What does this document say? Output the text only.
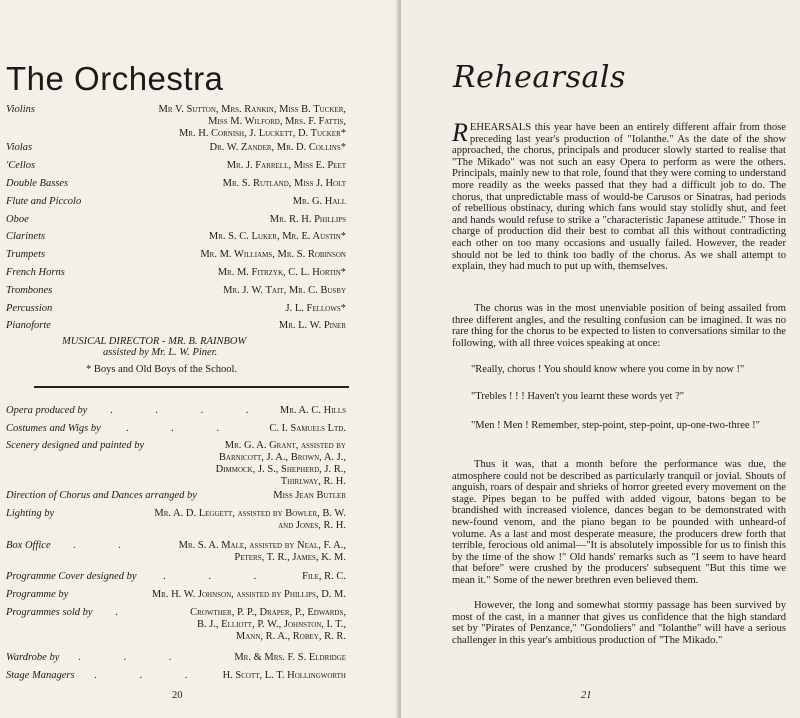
The Orchestra
Violins	Mr V. Sutton, Mrs. Rankin, Miss B. Tucker,
Miss M. Wilford, Mrs. F. Fattis,
Mr. H. Cornish, J. Luckett, D. Tucker*
Violas	Dr. W. Zander, Mr. D. Collins*
'Cellos	Mr. J. Farrell, Miss E. Peet
Double Basses	Mr. S. Rutland, Miss J. Holt
Flute and Piccolo	Mr. G. Hall
Oboe	Mr. R. H. Phillips
Clarinets	Mr. S. C. Luker, Mr. E. Austin*
Trumpets	Mr. M. Williams, Mr. S. Robinson
French Horns	Mr. M. Fitrzyk, C. L. Hortin*
Trombones	Mr. J. W. Tait, Mr. C. Busby
Percussion	J. L. Fellows*
Pianoforte	Mr. L. W. Piner
MUSICAL DIRECTOR - MR. B. RAINBOW
assisted by Mr. L. W. Piner.
* Boys and Old Boys of the School.
Opera produced by . . . . Mr. A. C. Hills
Costumes and Wigs by . . .	C. I. Samuels Ltd.
Scenery designed and painted by	Mr. G. A. Grant, assisted by
Barnicott, J. A., Brown, A. J.,
Dimmock, J. S., Shepherd, J. R.,
Thirlway, R. H.
Direction of Chorus and Dances arranged by	Miss Jean Butler
Lighting by	Mr. A. D. Leggett, assisted by Bowler, B. W.
and Jones, R. H.
Box Office . .	Mr. S. A. Male, assisted by Neal, F. A.,
Peters, T. R., James, K. M.
Programme Cover designed by	. . . File, R. C.
Programme by	Mr. H. W. Johnson, assisted by Phillips, D. M.
Programmes sold by .	Crowther, P. P., Draper, P., Edwards,
B. J., Elliott, P. W., Johnston, I. T.,
Mann, R. A., Robey, R. R.
Wardrobe by . . .	Mr. & Mrs. F. S. Eldridge
Stage Managers . . . H. Scott, L. T. Hollingworth
20
Rehearsals
REHEARSALS this year have been an entirely different affair from those preceding last year's production of "Iolanthe." As the date of the show approached, the chorus, principals and producer slowly started to realise that "The Mikado" was not such an easy Opera to perform as were the others. Principals, mainly new to that role, found that they were coming to understand more readily as the weeks passed that they had a difficult job to do. The chorus, that unpredictable mass of would-be Carusos or Sinatras, had periods of rebellious obstinacy, during which fans would stay stolidly shut, and feet and hands would refuse to strike a "characteristic Japanese attitude." Those in charge of production did their best to combat all this without contradicting each other on too many occasions and usually failed. However, the reader should not be led to think too badly of the chorus. As we shall attempt to explain, they had much to put up with, themselves.
The chorus was in the most unenviable position of being assailed from three different angles, and the resulting confusion can be imagined. It was no rare thing for the chorus to be expected to listen to conversations similar to the following, with all three voices speaking at once:
"Really, chorus ! You should know where you come in by now !"
"Trebles ! ! ! Haven't you learnt these words yet ?"
"Men ! Men ! Remember, step-point, step-point, up-one-two-three !"
Thus it was, that a month before the performance was due, the atmosphere could not be described as particularly tranquil or jovial. Shouts of anguish, roars of despair and shrieks of horror greeted every movement on the stage. Pipes began to be puffed with added vigour, batons began to be brandished with increased violence, dances began to be demonstrated with new-found venom, and the piano began to be pounded with unheard-of volume. As a last and most desperate measure, the producers drew forth that terrible, ferocious old animal—"It is absolutely impossible for us to finish this by the time of the show !" Old hands' remarks such as "I seem to have heard that before" were crushed by the producers' subsequent "But this time we mean it." Some of the newer brethren even believed them.
However, the long and somewhat stormy passage has been survived by most of the cast, in a manner that gives us confidence that the high standard set by "Pirates of Penzance," "Gondoliers" and "Iolanthe" will have a serious challenger in this year's ambitious production of "The Mikado."
21
